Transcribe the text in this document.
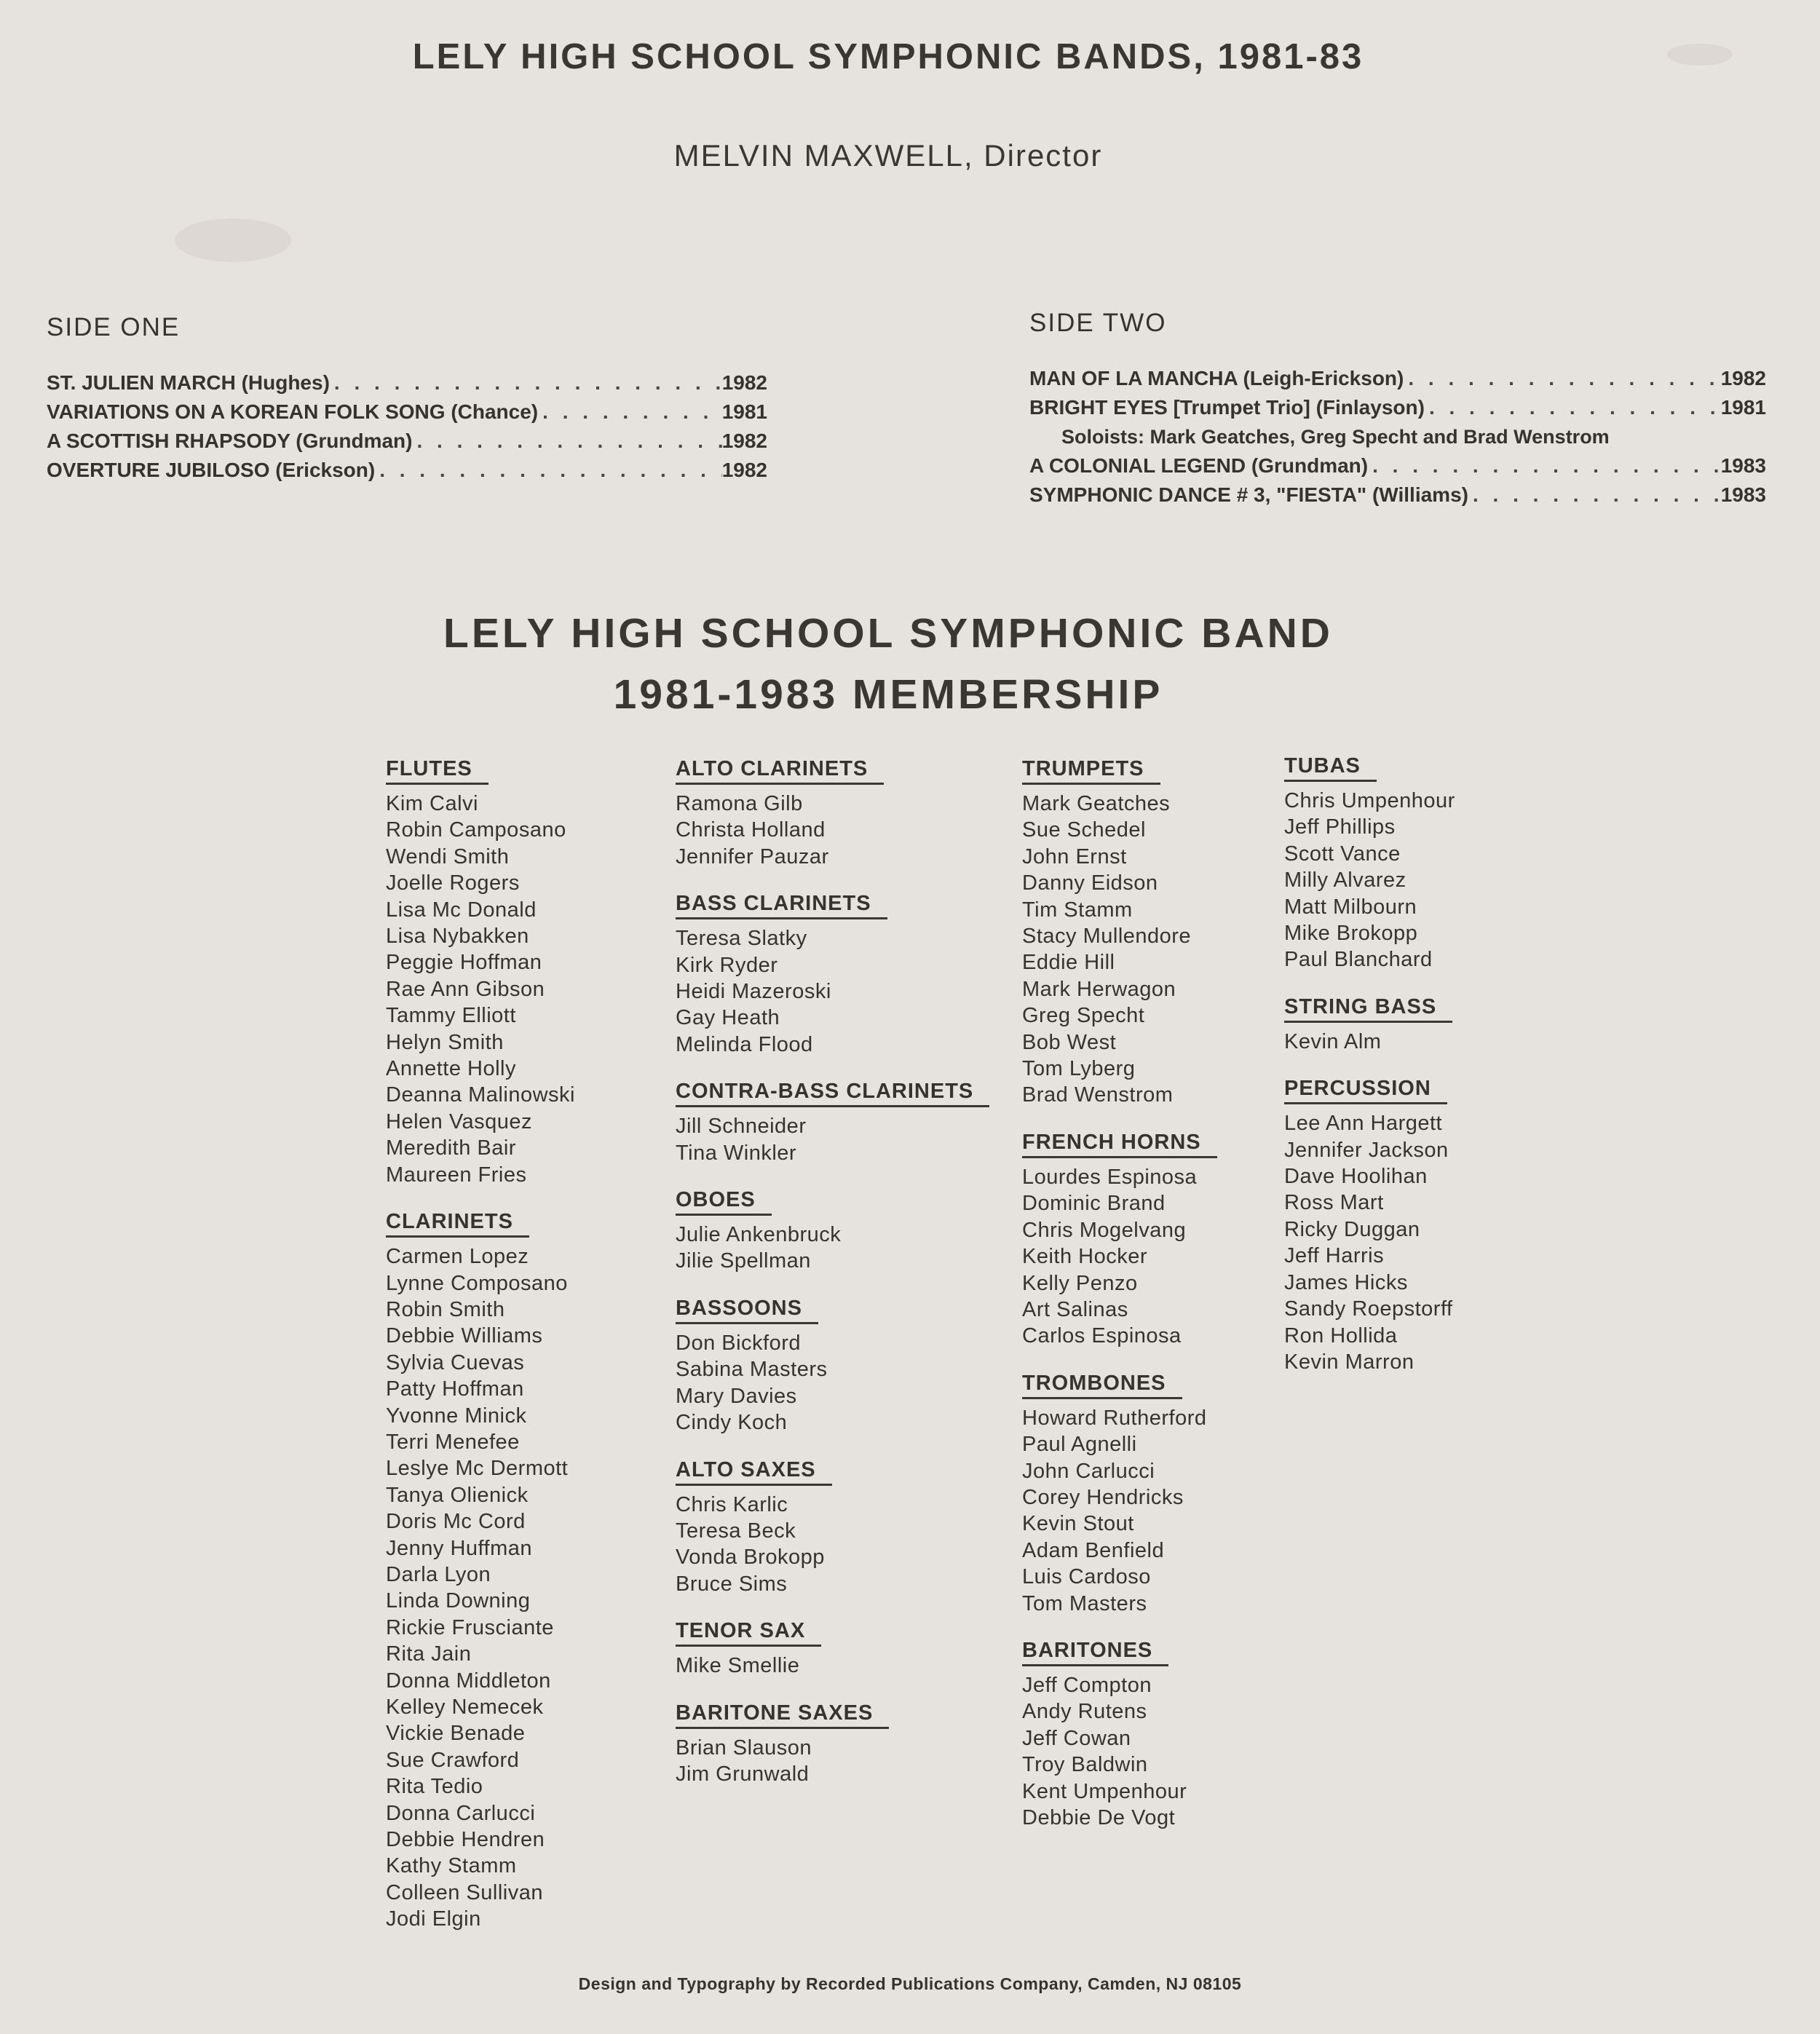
LELY HIGH SCHOOL SYMPHONIC BANDS, 1981-83
MELVIN MAXWELL, Director
SIDE ONE
ST. JULIEN MARCH (Hughes) . . .	1982
VARIATIONS ON A KOREAN FOLK SONG (Chance) . . .	1981
A SCOTTISH RHAPSODY (Grundman) . . .	1982
OVERTURE JUBILOSO (Erickson) . . .	1982
SIDE TWO
MAN OF LA MANCHA (Leigh-Erickson) . . .	1982
BRIGHT EYES [Trumpet Trio] (Finlayson) . . .	1981
Soloists: Mark Geatches, Greg Specht and Brad Wenstrom
A COLONIAL LEGEND (Grundman) . . .	1983
SYMPHONIC DANCE # 3, "FIESTA" (Williams) . . .	1983
LELY HIGH SCHOOL SYMPHONIC BAND
1981-1983 MEMBERSHIP
FLUTES
Kim Calvi
Robin Camposano
Wendi Smith
Joelle Rogers
Lisa Mc Donald
Lisa Nybakken
Peggie Hoffman
Rae Ann Gibson
Tammy Elliott
Helyn Smith
Annette Holly
Deanna Malinowski
Helen Vasquez
Meredith Bair
Maureen Fries
CLARINETS
Carmen Lopez
Lynne Composano
Robin Smith
Debbie Williams
Sylvia Cuevas
Patty Hoffman
Yvonne Minick
Terri Menefee
Leslye Mc Dermott
Tanya Olienick
Doris Mc Cord
Jenny Huffman
Darla Lyon
Linda Downing
Rickie Frusciante
Rita Jain
Donna Middleton
Kelley Nemecek
Vickie Benade
Sue Crawford
Rita Tedio
Donna Carlucci
Debbie Hendren
Kathy Stamm
Colleen Sullivan
Jodi Elgin
ALTO CLARINETS
Ramona Gilb
Christa Holland
Jennifer Pauzar
BASS CLARINETS
Teresa Slatky
Kirk Ryder
Heidi Mazeroski
Gay Heath
Melinda Flood
CONTRA-BASS CLARINETS
Jill Schneider
Tina Winkler
OBOES
Julie Ankenbruck
Jilie Spellman
BASSOONS
Don Bickford
Sabina Masters
Mary Davies
Cindy Koch
ALTO SAXES
Chris Karlic
Teresa Beck
Vonda Brokopp
Bruce Sims
TENOR SAX
Mike Smellie
BARITONE SAXES
Brian Slauson
Jim Grunwald
TRUMPETS
Mark Geatches
Sue Schedel
John Ernst
Danny Eidson
Tim Stamm
Stacy Mullendore
Eddie Hill
Mark Herwagon
Greg Specht
Bob West
Tom Lyberg
Brad Wenstrom
FRENCH HORNS
Lourdes Espinosa
Dominic Brand
Chris Mogelvang
Keith Hocker
Kelly Penzo
Art Salinas
Carlos Espinosa
TROMBONES
Howard Rutherford
Paul Agnelli
John Carlucci
Corey Hendricks
Kevin Stout
Adam Benfield
Luis Cardoso
Tom Masters
BARITONES
Jeff Compton
Andy Rutens
Jeff Cowan
Troy Baldwin
Kent Umpenhour
Debbie De Vogt
TUBAS
Chris Umpenhour
Jeff Phillips
Scott Vance
Milly Alvarez
Matt Milbourn
Mike Brokopp
Paul Blanchard
STRING BASS
Kevin Alm
PERCUSSION
Lee Ann Hargett
Jennifer Jackson
Dave Hoolihan
Ross Mart
Ricky Duggan
Jeff Harris
James Hicks
Sandy Roepstorff
Ron Hollida
Kevin Marron
Design and Typography by Recorded Publications Company, Camden, NJ 08105
